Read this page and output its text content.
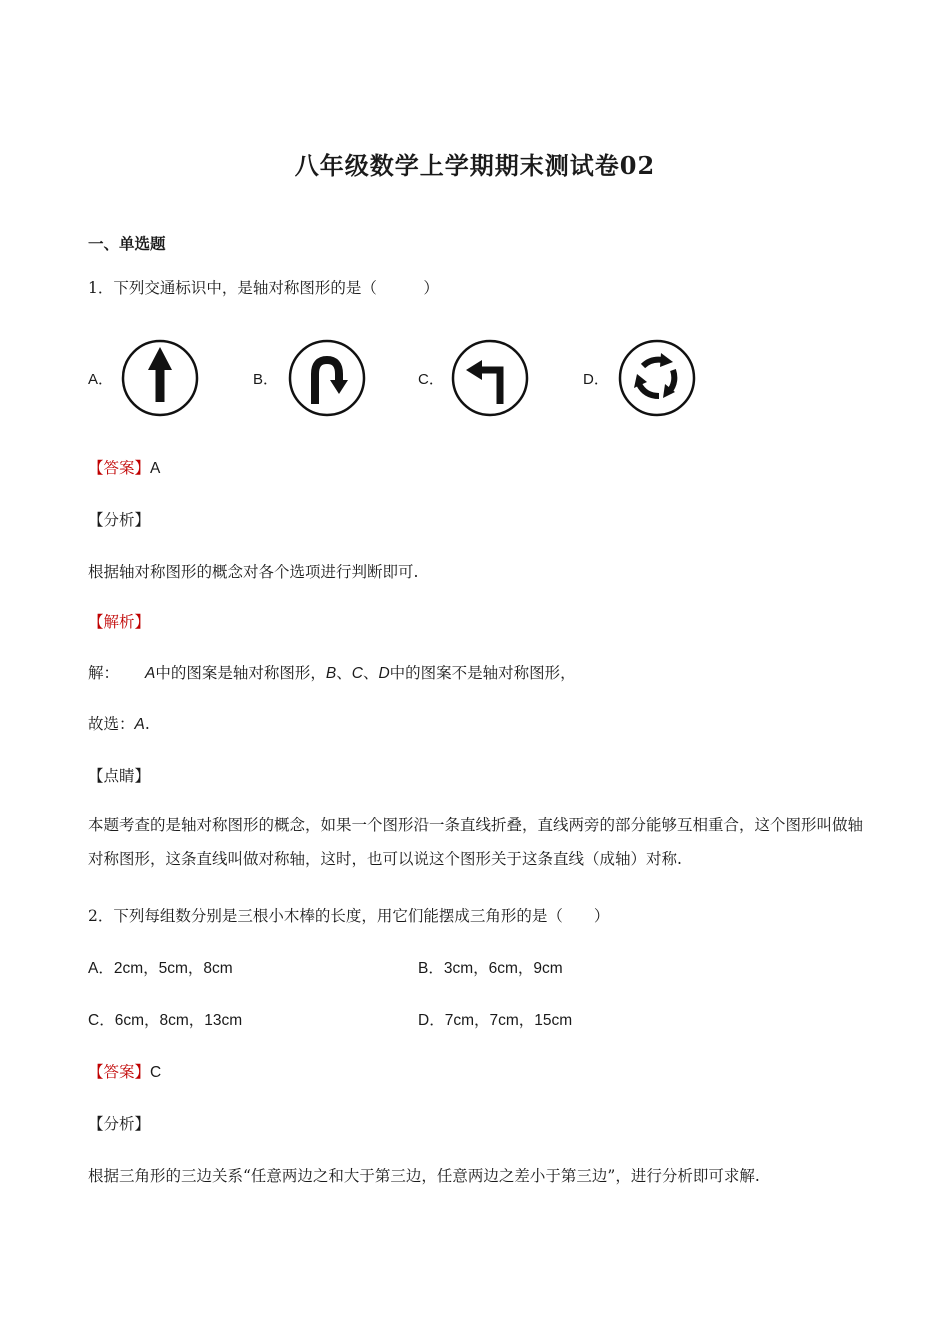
八年级数学上学期期末测试卷02
一、单选题
1．下列交通标识中，是轴对称图形的是（　　　）
A．	B．	C．	D．
【答案】A
【分析】
根据轴对称图形的概念对各个选项进行判断即可.
【解析】
解： A中的图案是轴对称图形，B、C、D中的图案不是轴对称图形，
故选：A.
【点睛】
本题考查的是轴对称图形的概念，如果一个图形沿一条直线折叠，直线两旁的部分能够互相重合，这个图形叫做轴对称图形，这条直线叫做对称轴，这时，也可以说这个图形关于这条直线（成轴）对称.
2．下列每组数分别是三根小木棒的长度，用它们能摆成三角形的是（　　）
A．2cm，5cm，8cm	B．3cm，6cm，9cm
C．6cm，8cm，13cm	D．7cm，7cm，15cm
【答案】C
【分析】
根据三角形的三边关系“任意两边之和大于第三边，任意两边之差小于第三边”，进行分析即可求解.
